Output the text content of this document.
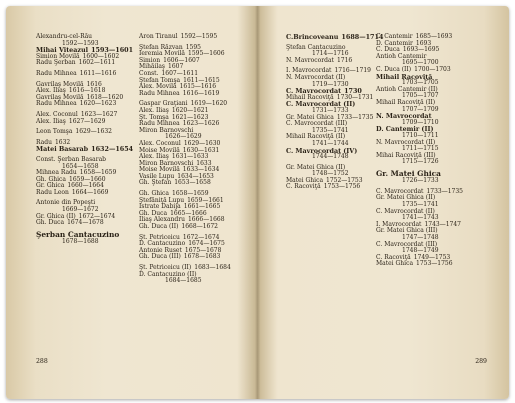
Alexandru-cel-Rău

1592—1593

Mihai Viteazul 1593—1601

Simion Movilă 1600—1602

Radu Şerban 1602—1611

Radu Mihnea 1611—1616

Gavrilaş Movilă 1616

Alex. Iliaş 1616—1618

Gavrilaş Movilă 1618—1620

Radu Mihnea 1620—1623

Alex. Coconul 1623—1627

Alex. Iliaş 1627—1629

Leon Tomşa 1629—1632

Radu 1632

Matei Basarab 1632—1654

Const. Şerban Basarab

1654—1658

Mihnea Radu 1658—1659

Gh. Ghica 1659—1660

Gr. Ghica 1660—1664

Radu Leon 1664—1669

Antonie din Popeşti

1669—1672

Gr. Ghica (II) 1672—1674

Gh. Duca 1674—1678

Şerban Cantacuzino

1678—1688

Aron Tiranul 1592—1595

Ştefan Răzvan 1595

Ieremia Movilă 1595—1606

Simion 1606—1607

Mihăilaş 1607

Const. 1607—1611

Ştefan Tomşa 1611—1615

Alex. Movilă 1615—1616

Radu Mihnea 1616—1619

Gaspar Graţiani 1619—1620

Alex. Iliaş 1620—1621

Şt. Tomşa 1621—1623

Radu Mihnea 1623—1626

Miron Barnovschi

1626—1629

Alex. Coconul 1629—1630

Moise Movilă 1630—1631

Alex. Iliaş 1631—1633

Miron Barnovschi 1633

Moise Movilă 1633—1634

Vasile Lupu 1634—1653

Gh. Ştefan 1653—1658

Gh. Ghica 1658—1659

Ştefăniţă Lupu 1659—1661

Istrate Dabija 1661—1665

Gh. Duca 1665—1666

Iliaş Alexandru 1666—1668

Gh. Duca (II) 1668—1672

Şt. Petriceicu 1672—1674

D. Cantacuzino 1674—1675

Antonie Ruset 1675—1678

Gh. Duca (III) 1678—1683

Şt. Petriceicu (II) 1683—1684

D. Cantacuzino (II)

1684—1685

288

C.Brincoveanu 1688—1714

Ştefan Cantacuzino

1714—1716

N. Mavrocordat 1716

I. Mavrocordat 1716—1719

N. Mavrocordat (II)

1719—1730

C. Mavrocordat 1730

Mihail Racoviţă 1730—1731

C. Mavrocordat (II)

1731—1733

Gr. Matei Ghica 1733—1735

C. Mavrocordat (III)

1735—1741

Mihail Racoviţă (II)

1741—1744

C. Mavrocordat (IV)

1744—1748

Gr. Matei Ghica (II)

1748—1752

Matei Ghica 1752—1753

C. Racoviţă 1753—1756

C. Cantemir 1685—1693

D. Cantemir 1693

C. Duca 1693—1695

Antioh Cantemir

1695—1700

C. Duca (II) 1700—1703

Mihail Racoviţă

1703—1705

Antioh Cantemir (II)

1705—1707

Mihail Racoviţă (II)

1707—1709

N. Mavrocordat

1709—1710

D. Cantemir (II)

1710—1711

N. Mavrocordat (II)

1711—1715

Mihai Racoviţă (III)

1715—1726

Gr. Matei Ghica

1726—1733

C. Mavrocordat 1733—1735

Gr. Matei Ghica (II)

1735—1741

C. Mavrocordat (II)

1741—1743

I. Mavrocordat 1743—1747

Gr. Matei Ghica (III)

1747—1748

C. Mavrocordat (III)

1748—1749

C. Racoviţă 1749—1753

Matei Ghica 1753—1756

289
